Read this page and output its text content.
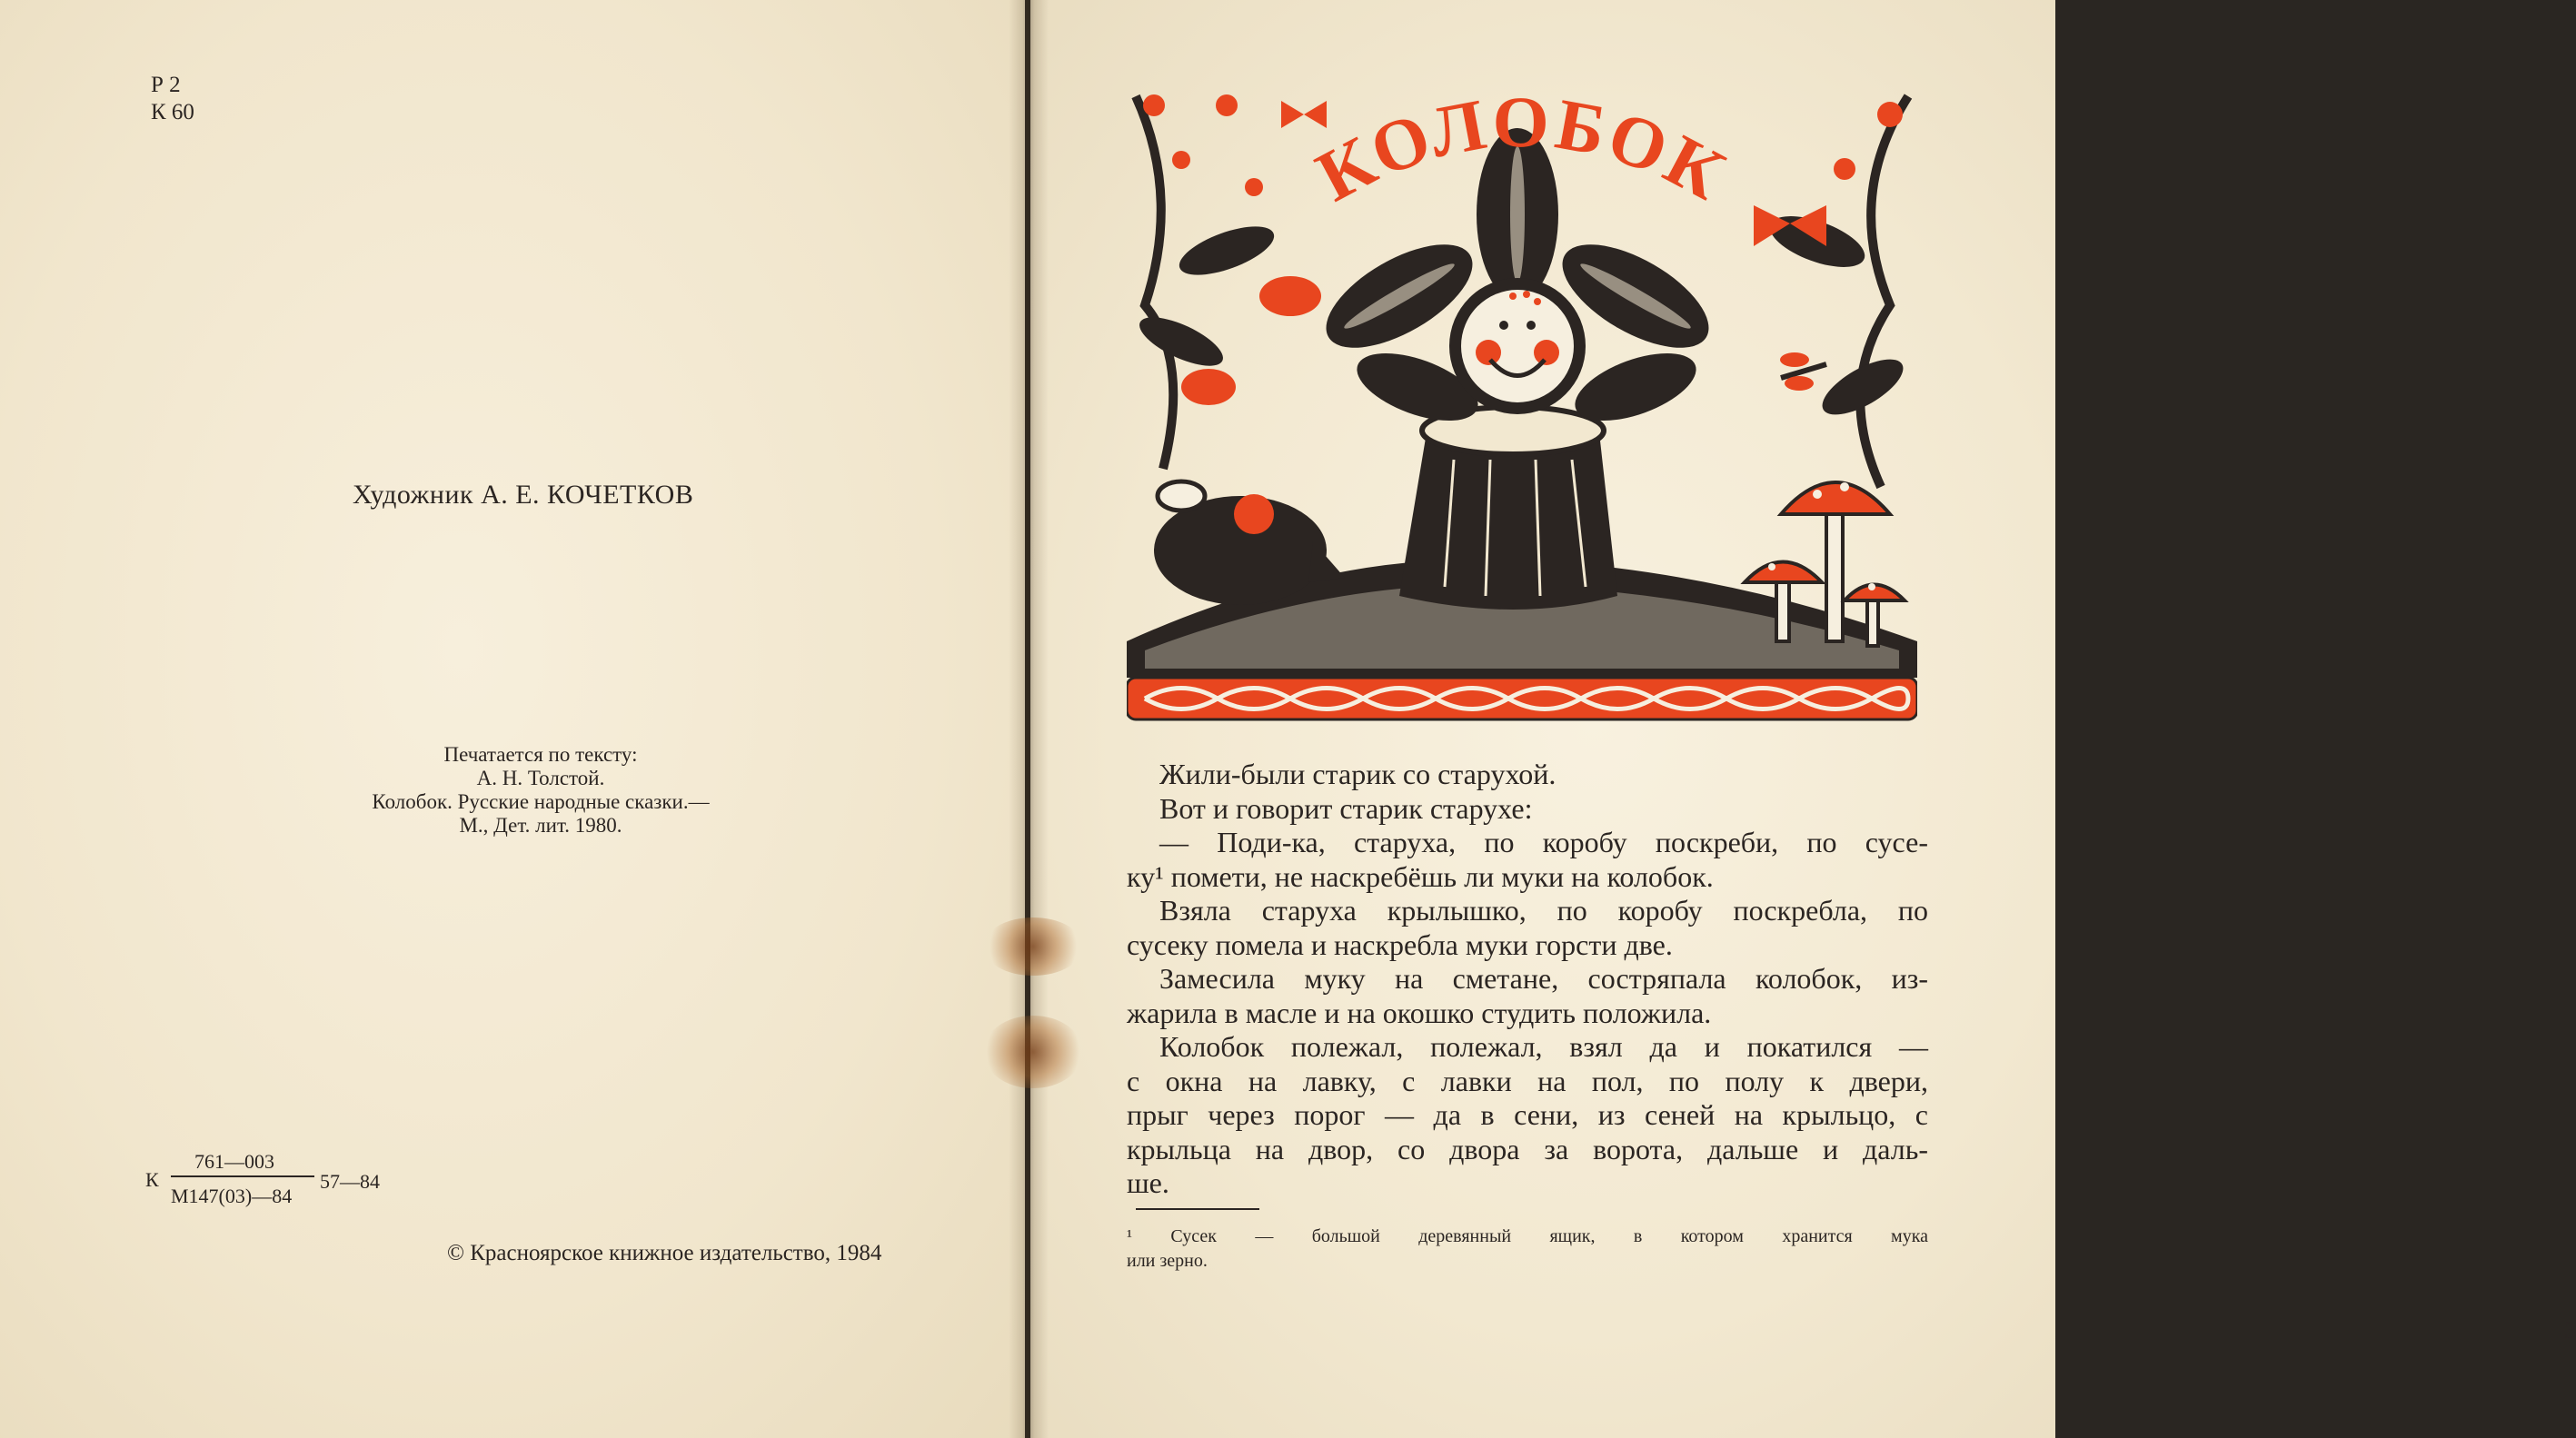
Р 2
К 60
Художник А. Е. КОЧЕТКОВ
Печатается по тексту:
А. Н. Толстой.
Колобок. Русские народные сказки.—
М., Дет. лит. 1980.
К
761—003
М147(03)—84
57—84
© Красноярское книжное издательство, 1984
3
КОЛОБОК
Жили-были старик со старухой.
Вот и говорит старик старухе:
— Поди-ка, старуха, по коробу поскреби, по сусе-
ку¹ помети, не наскребёшь ли муки на колобок.
Взяла старуха крылышко, по коробу поскребла, по
сусеку помела и наскребла муки горсти две.
Замесила муку на сметане, состряпала колобок, из-
жарила в масле и на окошко студить положила.
Колобок полежал, полежал, взял да и покатился —
с окна на лавку, с лавки на пол, по полу к двери,
прыг через порог — да в сени, из сеней на крыльцо, с
крыльца на двор, со двора за ворота, дальше и даль-
ше.
¹ Сусек — большой деревянный ящик, в котором хранится мука
или зерно.
